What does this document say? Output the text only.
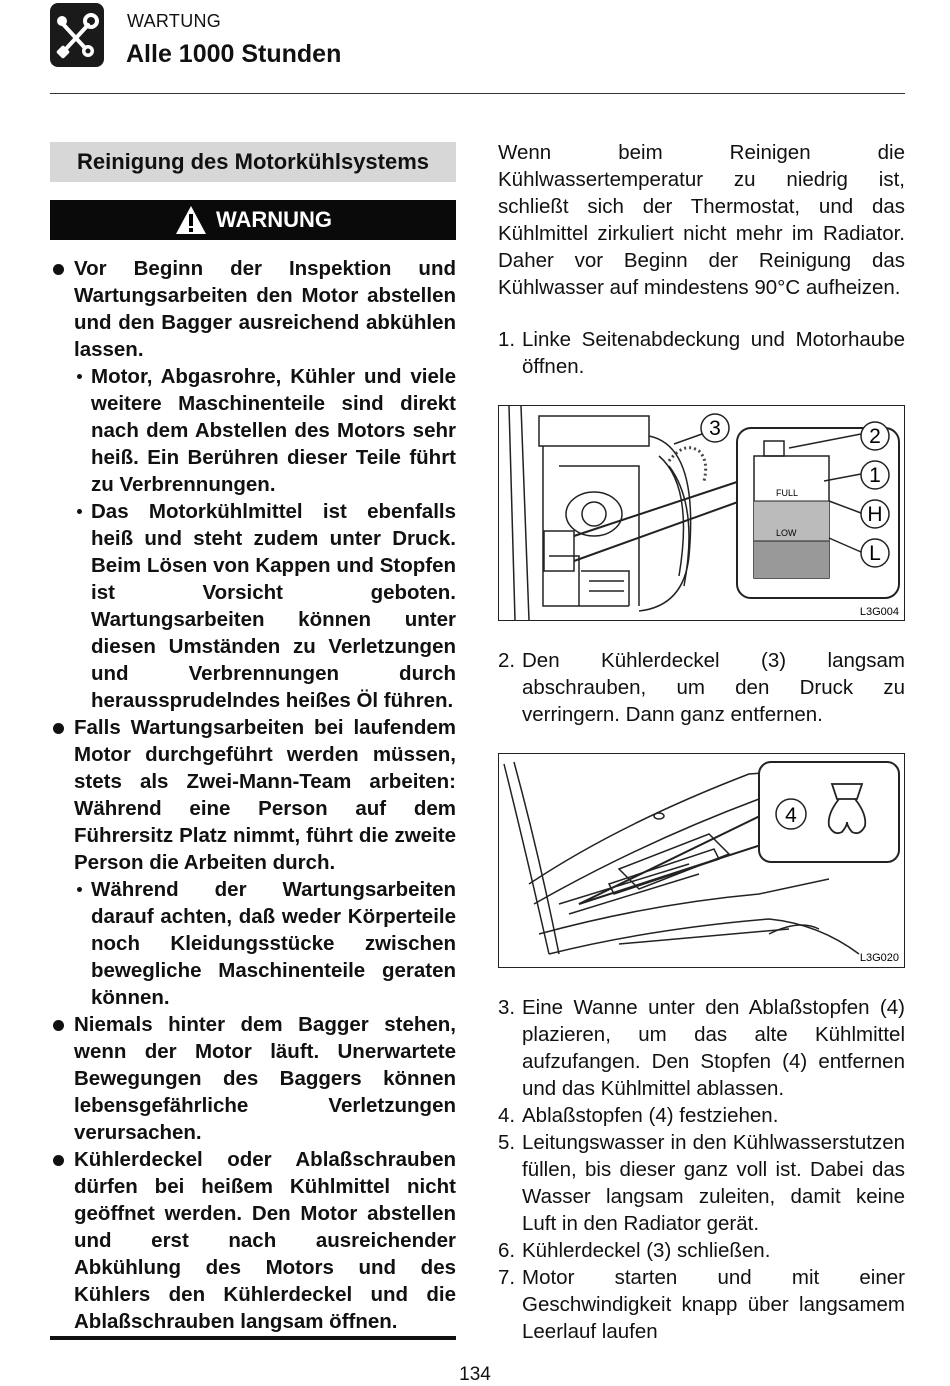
WARTUNG
Alle 1000 Stunden
Reinigung des Motorkühlsystems
WARNUNG
Vor Beginn der Inspektion und Wartungsarbeiten den Motor abstellen und den Bagger ausreichend abkühlen lassen.
Motor, Abgasrohre, Kühler und viele weitere Maschinenteile sind direkt nach dem Abstellen des Motors sehr heiß. Ein Berühren dieser Teile führt zu Verbrennungen.
Das Motorkühlmittel ist ebenfalls heiß und steht zudem unter Druck. Beim Lösen von Kappen und Stopfen ist Vorsicht geboten. Wartungsarbeiten können unter diesen Umständen zu Verletzungen und Verbrennungen durch heraussprudelndes heißes Öl führen.
Falls Wartungsarbeiten bei laufendem Motor durchgeführt werden müssen, stets als Zwei-Mann-Team arbeiten: Während eine Person auf dem Führersitz Platz nimmt, führt die zweite Person die Arbeiten durch.
Während der Wartungsarbeiten darauf achten, daß weder Körperteile noch Kleidungsstücke zwischen bewegliche Maschinenteile geraten können.
Niemals hinter dem Bagger stehen, wenn der Motor läuft. Unerwartete Bewegungen des Baggers können lebensgefährliche Verletzungen verursachen.
Kühlerdeckel oder Ablaßschrauben dürfen bei heißem Kühlmittel nicht geöffnet werden. Den Motor abstellen und erst nach ausreichender Abkühlung des Motors und des Kühlers den Kühlerdeckel und die Ablaßschrauben langsam öffnen.
Wenn beim Reinigen die Kühlwassertemperatur zu niedrig ist, schließt sich der Thermostat, und das Kühlmittel zirkuliert nicht mehr im Radiator. Daher vor Beginn der Reinigung das Kühlwasser auf mindestens 90°C aufheizen.
1. Linke Seitenabdeckung und Motorhaube öffnen.
FULL
LOW
3	2
1
H
L
L3G004
2. Den Kühlerdeckel (3) langsam abschrauben, um den Druck zu verringern. Dann ganz entfernen.
4
L3G020
3. Eine Wanne unter den Ablaßstopfen (4) plazieren, um das alte Kühlmittel aufzufangen. Den Stopfen (4) entfernen und das Kühlmittel ablassen.
4. Ablaßstopfen (4) festziehen.
5. Leitungswasser in den Kühlwasserstutzen füllen, bis dieser ganz voll ist. Dabei das Wasser langsam zuleiten, damit keine Luft in den Radiator gerät.
6. Kühlerdeckel (3) schließen.
7. Motor starten und mit einer Geschwindigkeit knapp über langsamem Leerlauf laufen
134
